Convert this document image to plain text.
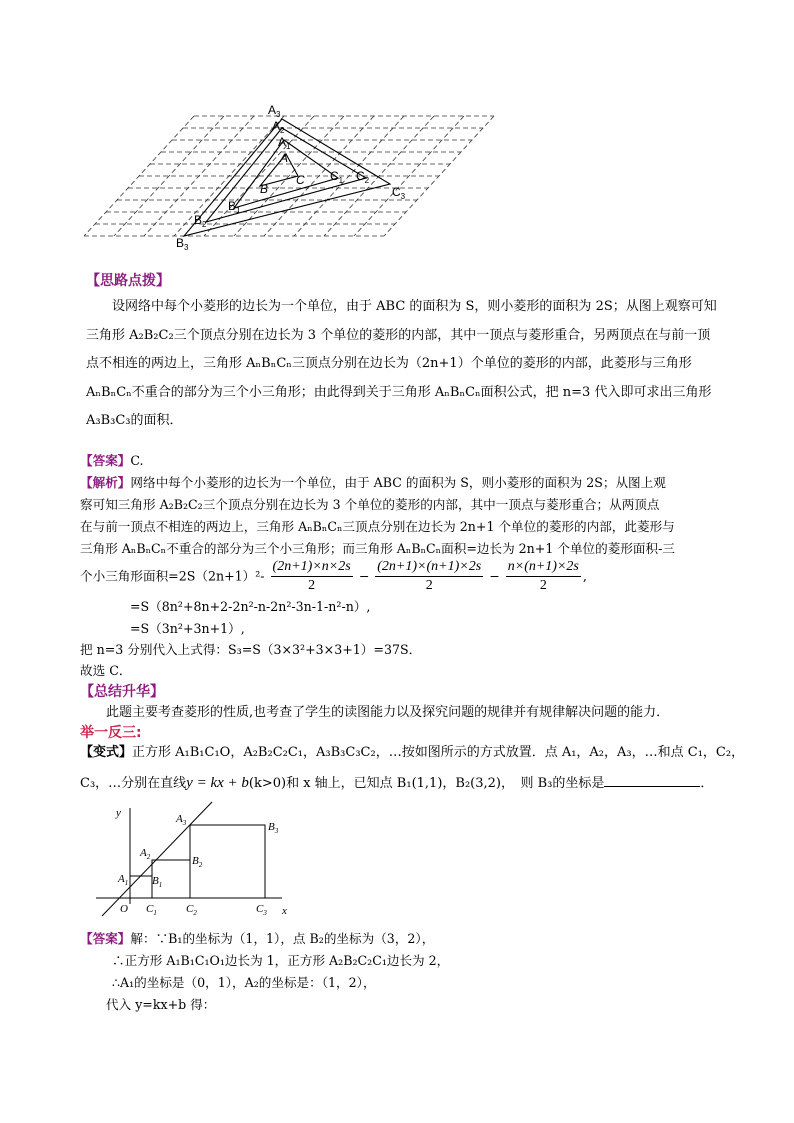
$A_3$
$A_2$
$A_1$
A
C
B
$C_1$ $C_2$
$C_3$
$B_1$
$B_2$
$B_3$
【思路点拨】
设网络中每个小菱形的边长为一个单位，由于 ABC 的面积为 S，则小菱形的面积为 2S；从图上观察可知三角形 A₂B₂C₂三个顶点分别在边长为 3 个单位的菱形的内部，其中一顶点与菱形重合，另两顶点在与前一顶点不相连的两边上，三角形 AₙBₙCₙ三顶点分别在边长为（2n+1）个单位的菱形的内部，此菱形与三角形 AₙBₙCₙ不重合的部分为三个小三角形；由此得到关于三角形 AₙBₙCₙ面积公式，把 n=3 代入即可求出三角形 A₃B₃C₃的面积．
【答案】C.
【解析】网络中每个小菱形的边长为一个单位，由于 ABC 的面积为 S，则小菱形的面积为 2S；从图上观
察可知三角形 A₂B₂C₂三个顶点分别在边长为 3 个单位的菱形的内部，其中一顶点与菱形重合；从两顶点
在与前一顶点不相连的两边上，三角形 AₙBₙCₙ三顶点分别在边长为 2n+1 个单位的菱形的内部，此菱形与
三角形 AₙBₙCₙ不重合的部分为三个小三角形；而三角形 AₙBₙCₙ面积=边长为 2n+1 个单位的菱形面积-三
个小三角形面积$=2S(2n+1)^2- \frac{(2n+1)\times n\times 2s}{2} - \frac{(2n+1)\times(n+1)\times 2s}{2} - \frac{n\times(n+1)\times 2s}{2}$ ,
=S（8n²+8n+2-2n²-n-2n²-3n-1-n²-n）,
=S（3n²+3n+1）,
把 n=3 分别代入上式得：S₃=S（3×3²+3×3+1）=37S．
故选 C．
【总结升华】
此题主要考查菱形的性质,也考查了学生的读图能力以及探究问题的规律并有规律解决问题的能力．
举一反三:
【变式】正方形 A₁B₁C₁O，A₂B₂C₂C₁，A₃B₃C₃C₂，…按如图所示的方式放置．点 A₁，A₂，A₃，…和点 C₁，C₂，
C₃，…分别在直线y = kx + b(k>0)和 x 轴上，已知点 B₁(1,1)，B₂(3,2)，　则 B₃的坐标是	．
y
x
O
$A_1$
$A_2$
$A_3$
$B_1$
$B_2$
$B_3$
$C_1$	$C_2$	$C_3$
【答案】解：∵B₁的坐标为（1，1），点 B₂的坐标为（3，2），
∴正方形 A₁B₁C₁O₁边长为 1，正方形 A₂B₂C₂C₁边长为 2，
∴A₁的坐标是（0，1），A₂的坐标是：（1，2），
代入 y=kx+b 得：
